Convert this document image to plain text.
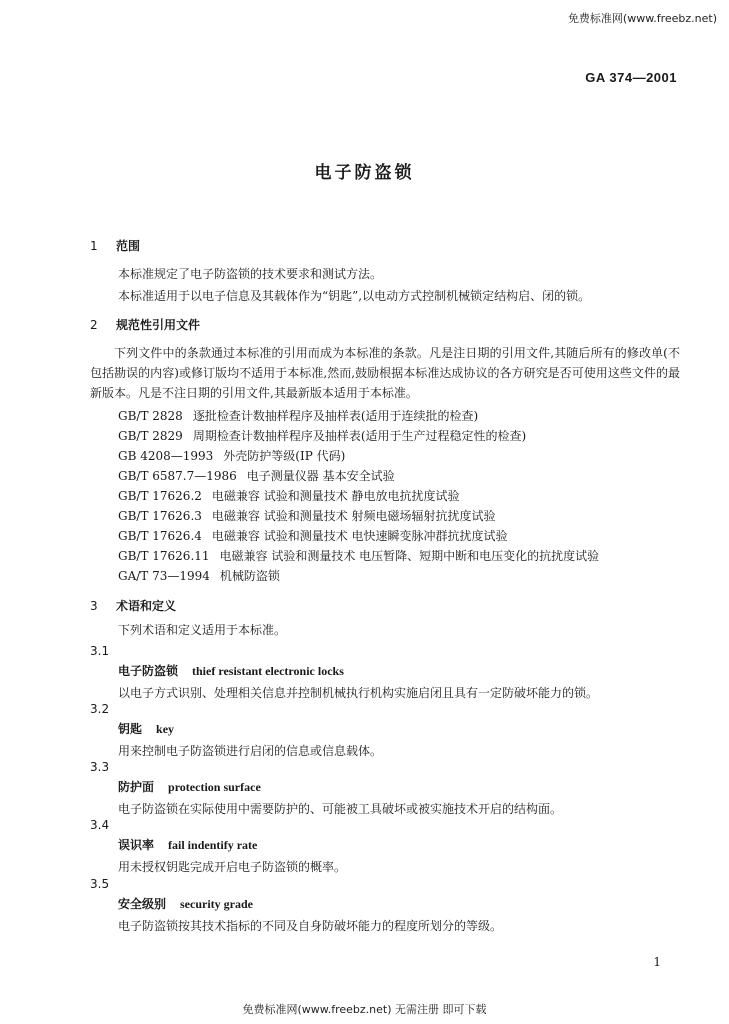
免费标准网(www.freebz.net)
GA 374—2001
电子防盗锁
1 范围
本标准规定了电子防盗锁的技术要求和测试方法。
本标准适用于以电子信息及其载体作为“钥匙”,以电动方式控制机械锁定结构启、闭的锁。
2 规范性引用文件
下列文件中的条款通过本标准的引用而成为本标准的条款。凡是注日期的引用文件,其随后所有的修改单(不包括勘误的内容)或修订版均不适用于本标准,然而,鼓励根据本标准达成协议的各方研究是否可使用这些文件的最新版本。凡是不注日期的引用文件,其最新版本适用于本标准。
GB/T 2828 逐批检查计数抽样程序及抽样表(适用于连续批的检查)
GB/T 2829 周期检查计数抽样程序及抽样表(适用于生产过程稳定性的检查)
GB 4208—1993 外壳防护等级(IP 代码)
GB/T 6587.7—1986 电子测量仪器 基本安全试验
GB/T 17626.2 电磁兼容 试验和测量技术 静电放电抗扰度试验
GB/T 17626.3 电磁兼容 试验和测量技术 射频电磁场辐射抗扰度试验
GB/T 17626.4 电磁兼容 试验和测量技术 电快速瞬变脉冲群抗扰度试验
GB/T 17626.11 电磁兼容 试验和测量技术 电压暂降、短期中断和电压变化的抗扰度试验
GA/T 73—1994 机械防盗锁
3 术语和定义
下列术语和定义适用于本标准。
3.1
电子防盗锁 thief resistant electronic locks
以电子方式识别、处理相关信息并控制机械执行机构实施启闭且具有一定防破坏能力的锁。
3.2
钥匙 key
用来控制电子防盗锁进行启闭的信息或信息载体。
3.3
防护面 protection surface
电子防盗锁在实际使用中需要防护的、可能被工具破坏或被实施技术开启的结构面。
3.4
误识率 fail indentify rate
用未授权钥匙完成开启电子防盗锁的概率。
3.5
安全级别 security grade
电子防盗锁按其技术指标的不同及自身防破坏能力的程度所划分的等级。
1
免费标准网(www.freebz.net) 无需注册 即可下载
